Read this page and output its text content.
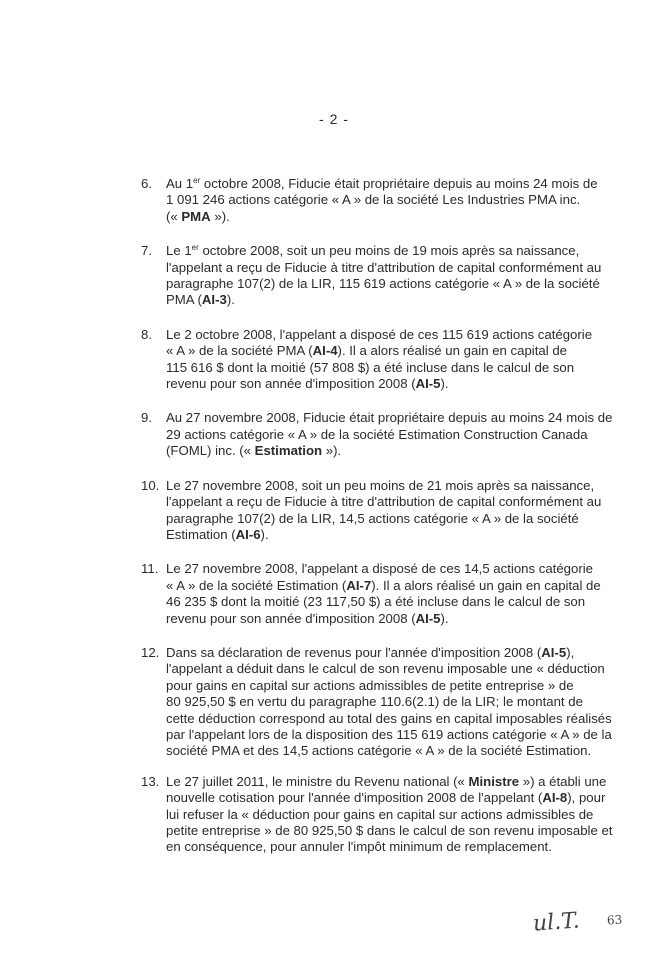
- 2 -
6. Au 1er octobre 2008, Fiducie était propriétaire depuis au moins 24 mois de
1 091 246 actions catégorie « A » de la société Les Industries PMA inc.
(« PMA »).
7. Le 1er octobre 2008, soit un peu moins de 19 mois après sa naissance,
l'appelant a reçu de Fiducie à titre d'attribution de capital conformément au
paragraphe 107(2) de la LIR, 115 619 actions catégorie « A » de la société
PMA (AI-3).
8. Le 2 octobre 2008, l'appelant a disposé de ces 115 619 actions catégorie
« A » de la société PMA (AI-4). Il a alors réalisé un gain en capital de
115 616 $ dont la moitié (57 808 $) a été incluse dans le calcul de son
revenu pour son année d'imposition 2008 (AI-5).
9. Au 27 novembre 2008, Fiducie était propriétaire depuis au moins 24 mois de
29 actions catégorie « A » de la société Estimation Construction Canada
(FOML) inc. (« Estimation »).
10. Le 27 novembre 2008, soit un peu moins de 21 mois après sa naissance,
l'appelant a reçu de Fiducie à titre d'attribution de capital conformément au
paragraphe 107(2) de la LIR, 14,5 actions catégorie « A » de la société
Estimation (AI-6).
11. Le 27 novembre 2008, l'appelant a disposé de ces 14,5 actions catégorie
« A » de la société Estimation (AI-7). Il a alors réalisé un gain en capital de
46 235 $ dont la moitié (23 117,50 $) a été incluse dans le calcul de son
revenu pour son année d'imposition 2008 (AI-5).
12. Dans sa déclaration de revenus pour l'année d'imposition 2008 (AI-5),
l'appelant a déduit dans le calcul de son revenu imposable une « déduction
pour gains en capital sur actions admissibles de petite entreprise » de
80 925,50 $ en vertu du paragraphe 110.6(2.1) de la LIR; le montant de
cette déduction correspond au total des gains en capital imposables réalisés
par l'appelant lors de la disposition des 115 619 actions catégorie « A » de la
société PMA et des 14,5 actions catégorie « A » de la société Estimation.
13. Le 27 juillet 2011, le ministre du Revenu national (« Ministre ») a établi une
nouvelle cotisation pour l'année d'imposition 2008 de l'appelant (AI-8), pour
lui refuser la « déduction pour gains en capital sur actions admissibles de
petite entreprise » de 80 925,50 $ dans le calcul de son revenu imposable et
en conséquence, pour annuler l'impôt minimum de remplacement.
ul.T. 63
